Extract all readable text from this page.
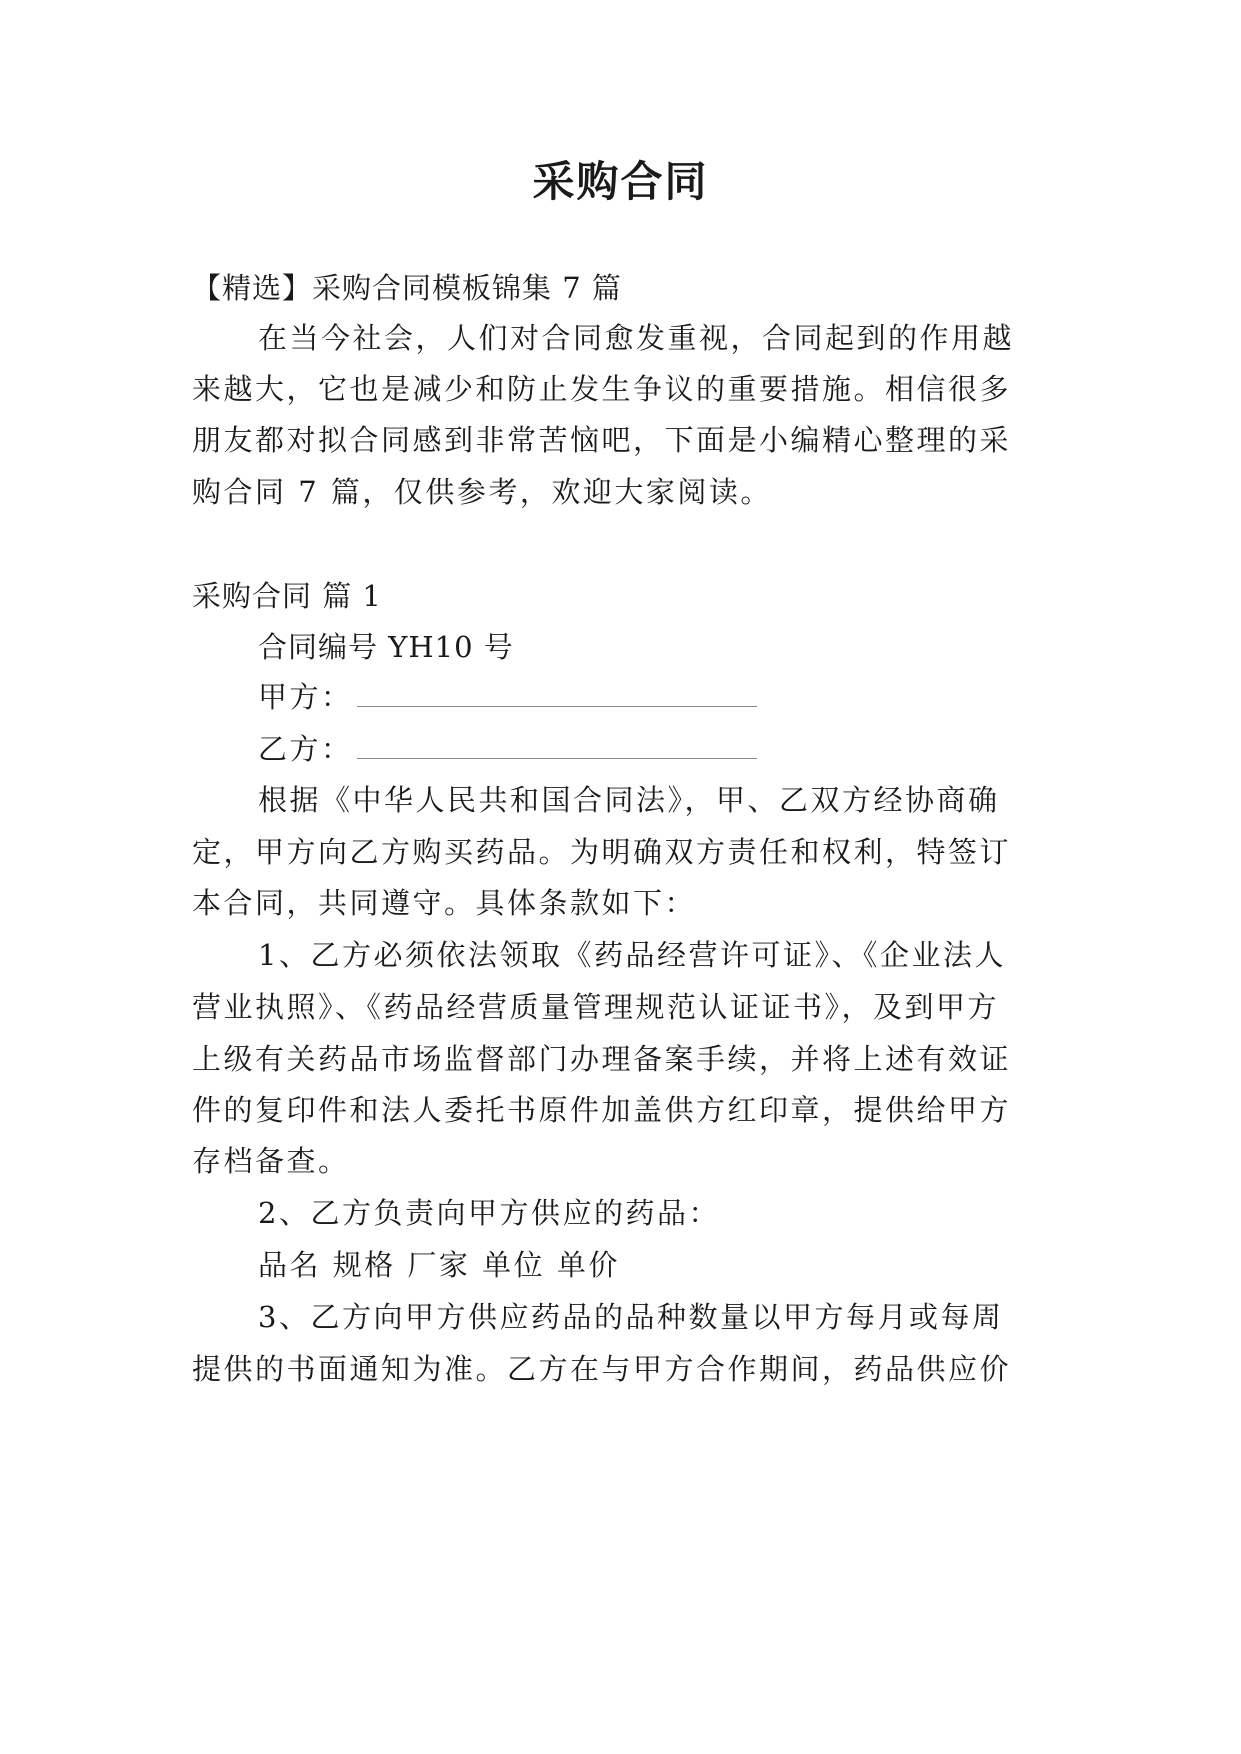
采购合同
【精选】采购合同模板锦集 7 篇
在当今社会，人们对合同愈发重视，合同起到的作用越
来越大，它也是减少和防止发生争议的重要措施。相信很多
朋友都对拟合同感到非常苦恼吧，下面是小编精心整理的采
购合同 7 篇，仅供参考，欢迎大家阅读。
采购合同 篇 1
合同编号 YH10 号
甲方：
乙方：
根据《中华人民共和国合同法》，甲、乙双方经协商确
定，甲方向乙方购买药品。为明确双方责任和权利，特签订
本合同，共同遵守。具体条款如下：
1、乙方必须依法领取《药品经营许可证》、《企业法人
营业执照》、《药品经营质量管理规范认证证书》，及到甲方
上级有关药品市场监督部门办理备案手续，并将上述有效证
件的复印件和法人委托书原件加盖供方红印章，提供给甲方
存档备查。
2、乙方负责向甲方供应的药品：
品名 规格 厂家 单位 单价
3、乙方向甲方供应药品的品种数量以甲方每月或每周
提供的书面通知为准。乙方在与甲方合作期间，药品供应价
